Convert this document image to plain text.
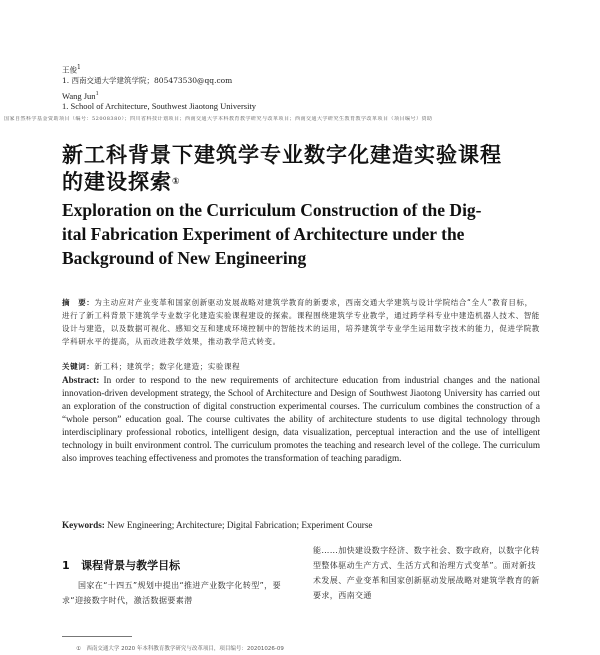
王俊$^1$
1. 西南交通大学建筑学院；805473530@qq.com
Wang Jun$^1$
1. School of Architecture, Southwest Jiaotong University
国家自然科学基金资助项目（编号：52008380）；四川省科技计划项目；西南交通大学本科教育教学研究与改革项目；西南交通大学研究生教育教学改革项目（项目编号）资助
新工科背景下建筑学专业数字化建造实验课程
的建设探索①
Exploration on the Curriculum Construction of the Dig-
ital Fabrication Experiment of Architecture under the
Background of New Engineering
摘　要：为主动应对产业变革和国家创新驱动发展战略对建筑学教育的新要求，西南交通大学建筑与设计学院结合“全人”教育目标，进行了新工科背景下建筑学专业数字化建造实验课程建设的探索。课程围绕建筑学专业教学，通过跨学科专业中建造机器人技术、智能设计与建造，以及数据可视化、感知交互和建成环境控制中的智能技术的运用，培养建筑学专业学生运用数字技术的能力，促进学院教学科研水平的提高，从而改进教学效果，推动教学范式转变。
关键词：新工科；建筑学；数字化建造；实验课程
Abstract: In order to respond to the new requirements of architecture education from industrial changes and the national innovation-driven development strategy, the School of Architecture and Design of Southwest Jiaotong University has carried out an exploration of the construction of digital construction experimental courses. The curriculum combines the construction of a “whole person” education goal. The course cultivates the ability of architecture students to use digital technology through interdisciplinary professional robotics, intelligent design, data visualization, perceptual interaction and the use of intelligent technology in built environment control. The curriculum promotes the teaching and research level of the college. The curriculum also improves teaching effectiveness and promotes the transformation of teaching paradigm.
Keywords: New Engineering; Architecture; Digital Fabrication; Experiment Course
1 课程背景与教学目标
国家在“十四五”规划中提出“推进产业数字化转型”，要求“迎接数字时代，激活数据要素潜
能……加快建设数字经济、数字社会、数字政府，以数字化转型整体驱动生产方式、生活方式和治理方式变革”。面对新技术发展、产业变革和国家创新驱动发展战略对建筑学教育的新要求，西南交通
①　西南交通大学 2020 年本科教育教学研究与改革项目，项目编号：20201026-09
